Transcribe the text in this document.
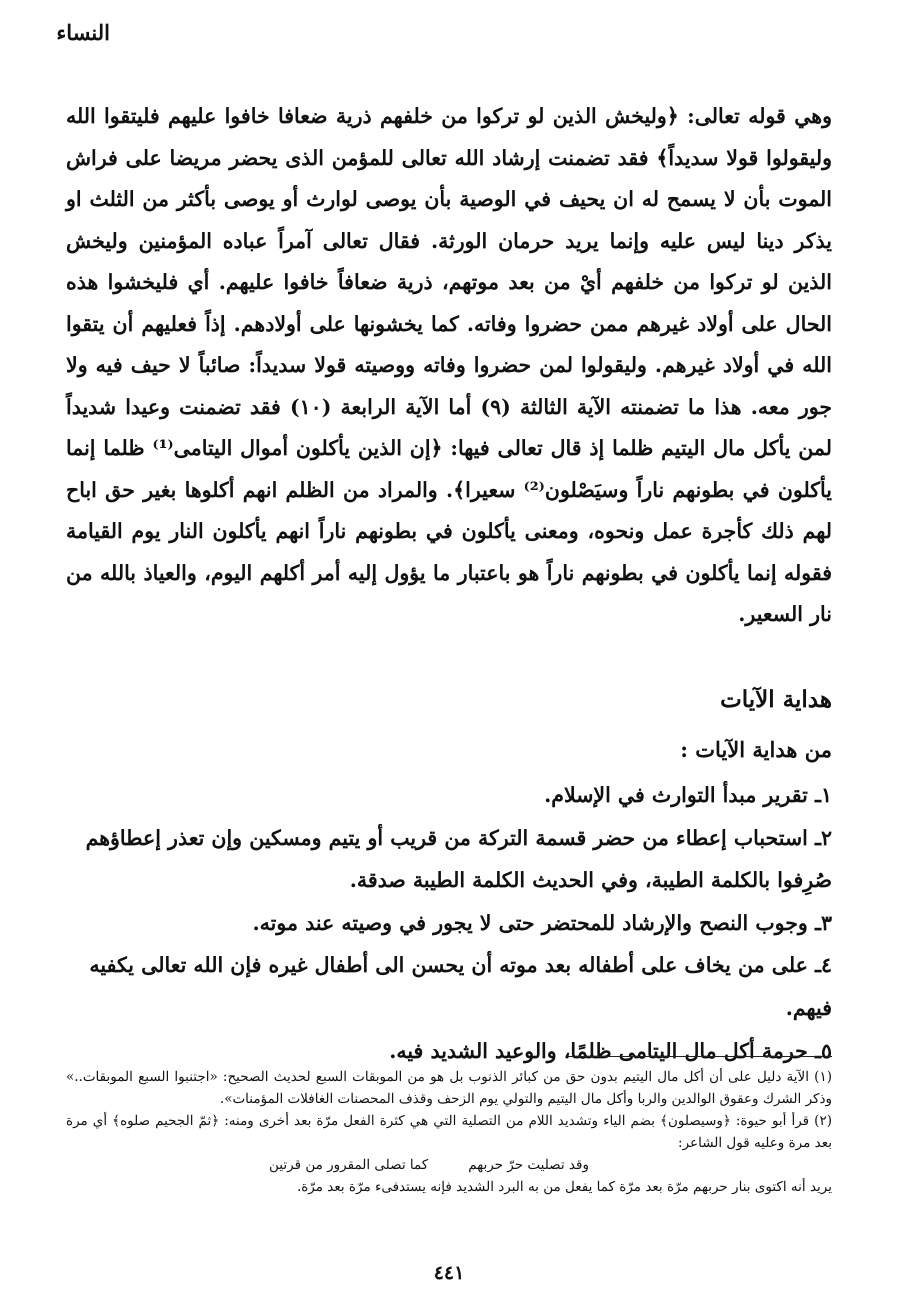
النساء

وهي قوله تعالى: ﴿وليخش الذين لو تركوا من خلفهم ذرية ضعافا خافوا عليهم فليتقوا الله وليقولوا قولا سديداً﴾ فقد تضمنت إرشاد الله تعالى للمؤمن الذى يحضر مريضا على فراش الموت بأن لا يسمح له ان يحيف في الوصية بأن يوصى لوارث أو يوصى بأكثر من الثلث او يذكر دينا ليس عليه وإنما يريد حرمان الورثة. فقال تعالى آمراً عباده المؤمنين وليخش الذين لو تركوا من خلفهم أيْ من بعد موتهم، ذرية ضعافاً خافوا عليهم. أي فليخشوا هذه الحال على أولاد غيرهم ممن حضروا وفاته. كما يخشونها على أولادهم. إذاً فعليهم أن يتقوا الله في أولاد غيرهم. وليقولوا لمن حضروا وفاته ووصيته قولا سديداً: صائباً لا حيف فيه ولا جور معه. هذا ما تضمنته الآية الثالثة (٩) أما الآية الرابعة (١٠) فقد تضمنت وعيدا شديداً لمن يأكل مال اليتيم ظلما إذ قال تعالى فيها: ﴿إن الذين يأكلون أموال اليتامى⁽¹⁾ ظلما إنما يأكلون في بطونهم ناراً وسيَصْلون⁽²⁾ سعيرا﴾. والمراد من الظلم انهم أكلوها بغير حق اباح لهم ذلك كأجرة عمل ونحوه، ومعنى يأكلون في بطونهم ناراً انهم يأكلون النار يوم القيامة فقوله إنما يأكلون في بطونهم ناراً هو باعتبار ما يؤول إليه أمر أكلهم اليوم، والعياذ بالله من نار السعير.

هداية الآيات
من هداية الآيات :
١ـ تقرير مبدأ التوارث في الإسلام.
٢ـ استحباب إعطاء من حضر قسمة التركة من قريب أو يتيم ومسكين وإن تعذر إعطاؤهم صُرِفوا بالكلمة الطيبة، وفي الحديث الكلمة الطيبة صدقة.
٣ـ وجوب النصح والإرشاد للمحتضر حتى لا يجور في وصيته عند موته.
٤ـ على من يخاف على أطفاله بعد موته أن يحسن الى أطفال غيره فإن الله تعالى يكفيه فيهم.
٥ـ حرمة أكل مال اليتامى ظلمًا، والوعيد الشديد فيه.

(١) الآية دليل على أن أكل مال اليتيم بدون حق من كبائر الذنوب بل هو من الموبقات السبع لحديث الصحيح: «اجتنبوا السبع الموبقات..» وذكر الشرك وعقوق الوالدين والربا وأكل مال اليتيم والتولي يوم الزحف وقذف المحصنات الغافلات المؤمنات».

(٢) قرأ أبو حيوة: ﴿وسيصلون﴾ بضم الياء وتشديد اللام من التصلية التي هي كثرة الفعل مرّة بعد أخرى ومنه: ﴿ثمّ الجحيم صلوه﴾ أي مرة بعد مرة وعليه قول الشاعر:

وقد تصليت حرّ حربهم
كما تصلى المقرور من قرتين

يريد أنه اكتوى بنار حربهم مرّة بعد مرّة كما يفعل من به البرد الشديد فإنه يستدفىء مرّة بعد مرّة.

٤٤١
